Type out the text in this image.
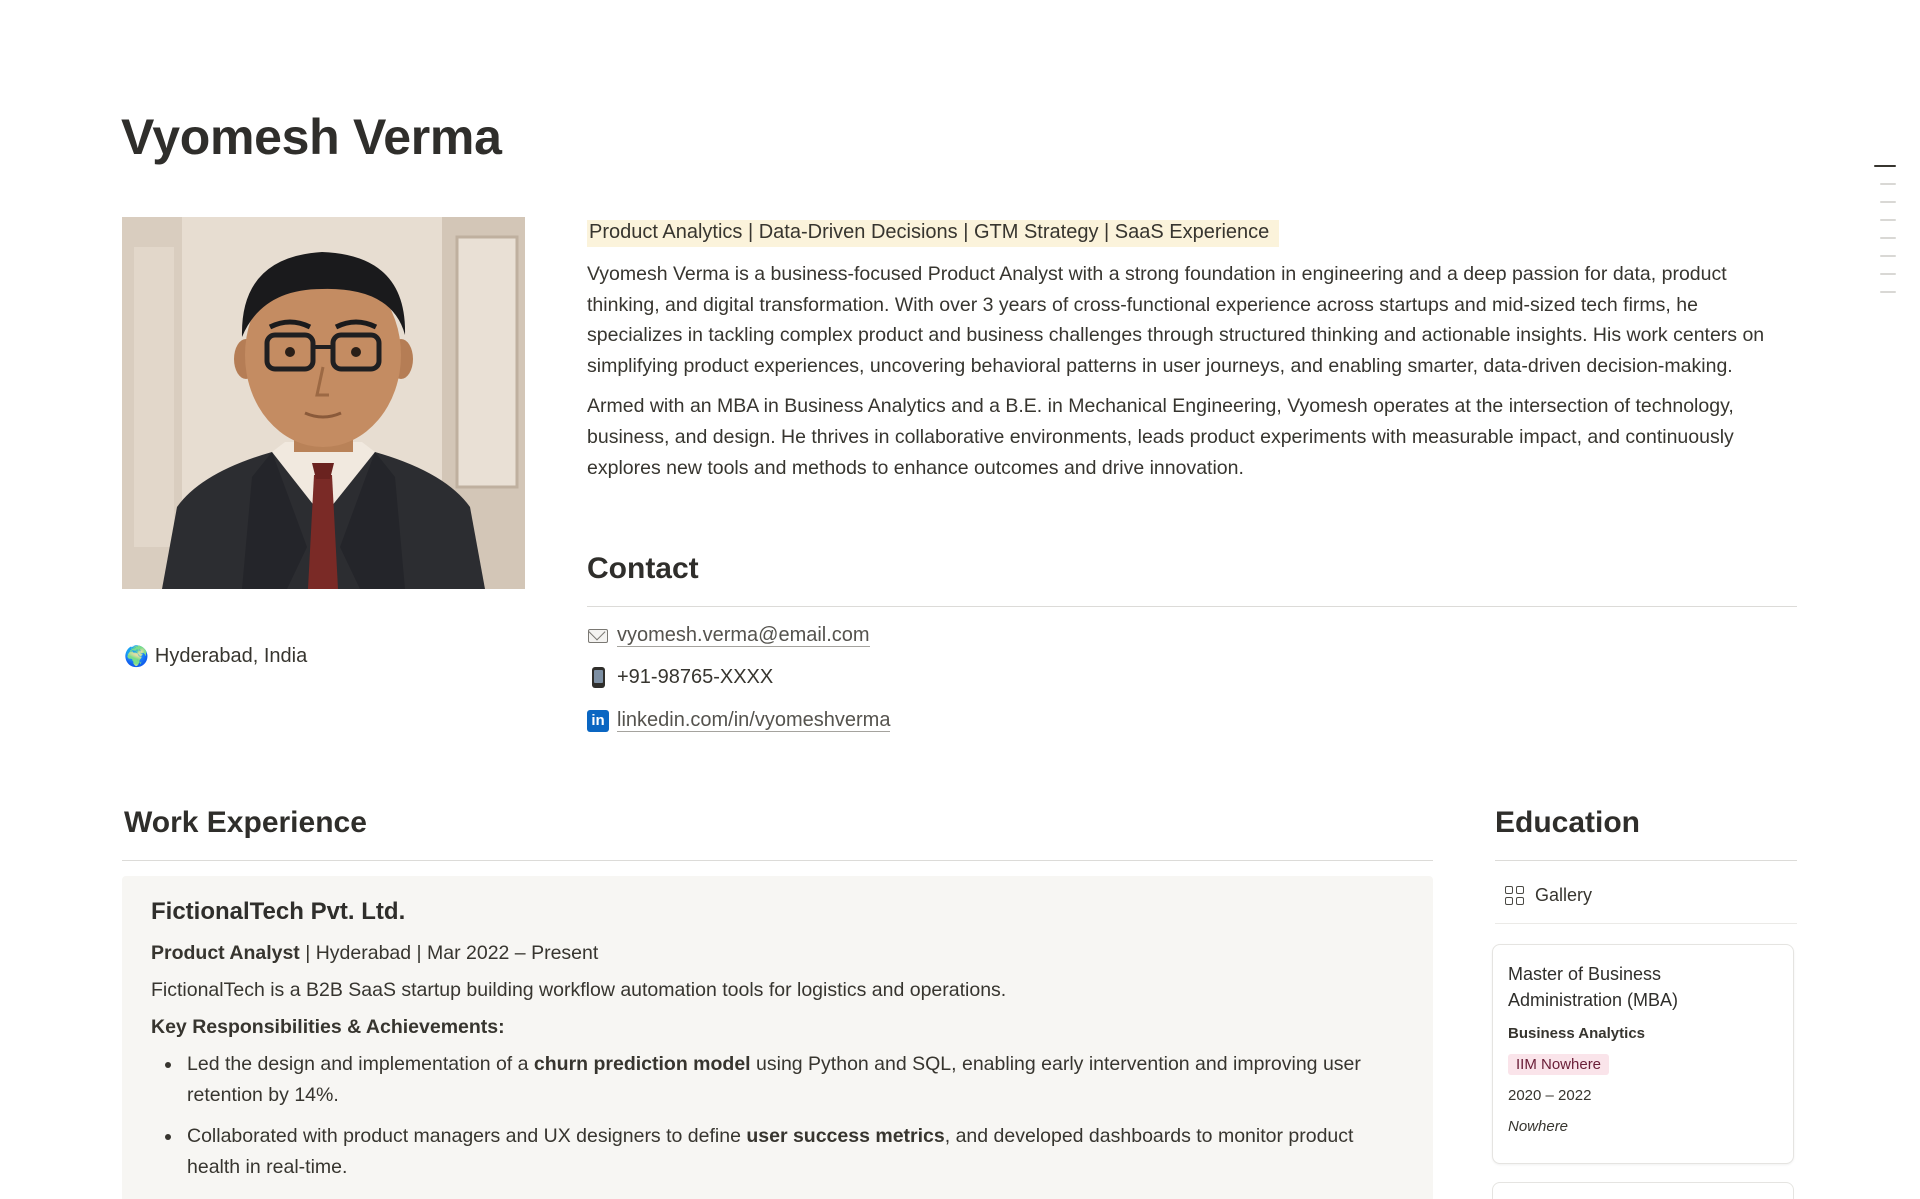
Vyomesh Verma
🌍 Hyderabad, India
Product Analytics | Data-Driven Decisions | GTM Strategy | SaaS Experience

Vyomesh Verma is a business-focused Product Analyst with a strong foundation in engineering and a deep passion for data, product thinking, and digital transformation. With over 3 years of cross-functional experience across startups and mid-sized tech firms, he specializes in tackling complex product and business challenges through structured thinking and actionable insights. His work centers on simplifying product experiences, uncovering behavioral patterns in user journeys, and enabling smarter, data-driven decision-making.

Armed with an MBA in Business Analytics and a B.E. in Mechanical Engineering, Vyomesh operates at the intersection of technology, business, and design. He thrives in collaborative environments, leads product experiments with measurable impact, and continuously explores new tools and methods to enhance outcomes and drive innovation.

Contact
vyomesh.verma@email.com
+91-98765-XXXX
in linkedin.com/in/vyomeshverma
Work Experience
FictionalTech Pvt. Ltd.
Product Analyst | Hyderabad | Mar 2022 – Present
FictionalTech is a B2B SaaS startup building workflow automation tools for logistics and operations.
Key Responsibilities & Achievements:
Led the design and implementation of a churn prediction model using Python and SQL, enabling early intervention and improving user retention by 14%.
Collaborated with product managers and UX designers to define user success metrics, and developed dashboards to monitor product health in real-time.
Education
Gallery
Master of Business Administration (MBA)
Business Analytics
IIM Nowhere
2020 – 2022
Nowhere
